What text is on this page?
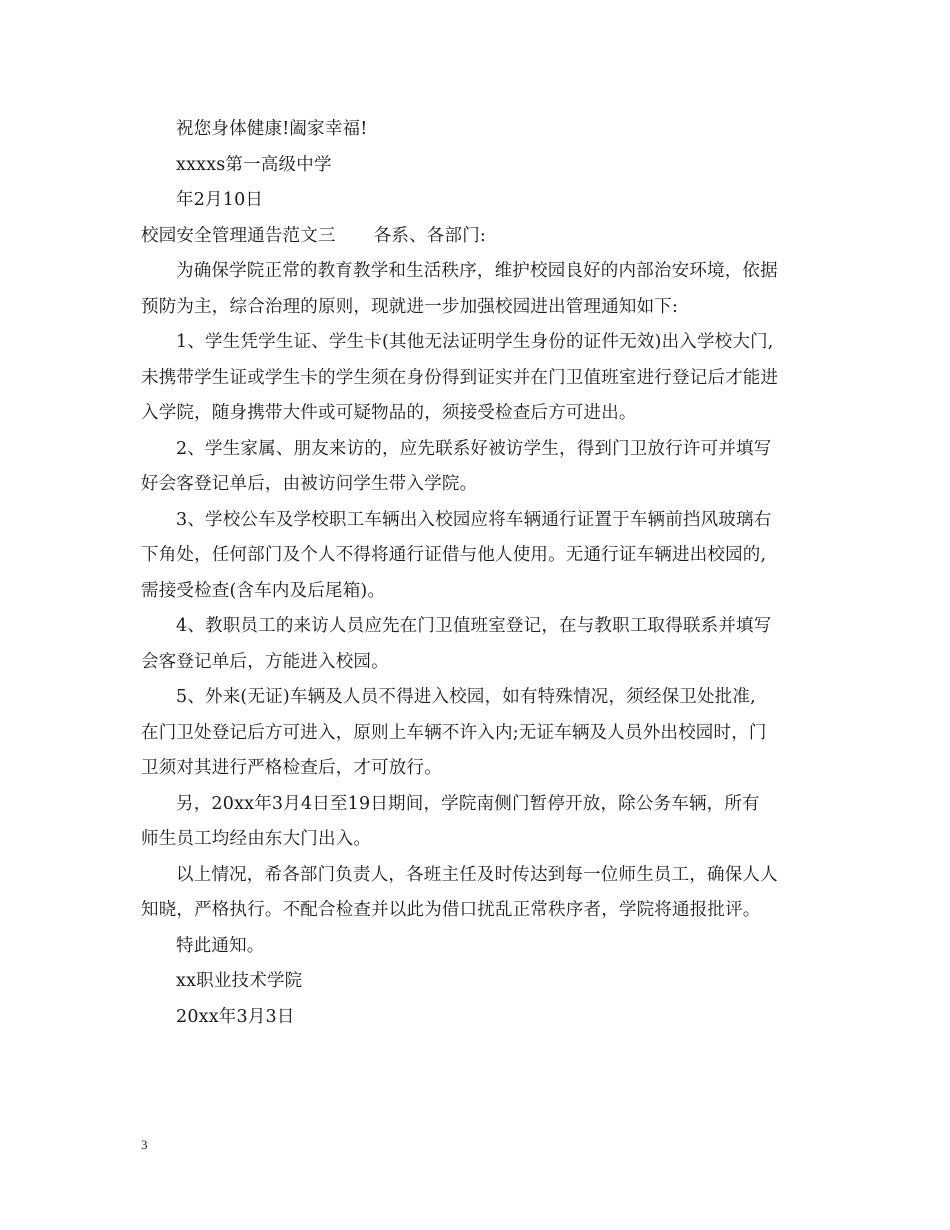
祝您身体健康!阖家幸福!
xxxxs第一高级中学
年2月10日
校园安全管理通告范文三 各系、各部门:
为确保学院正常的教育教学和生活秩序，维护校园良好的内部治安环境，依据
预防为主，综合治理的原则，现就进一步加强校园进出管理通知如下:
1、学生凭学生证、学生卡(其他无法证明学生身份的证件无效)出入学校大门,
未携带学生证或学生卡的学生须在身份得到证实并在门卫值班室进行登记后才能进
入学院，随身携带大件或可疑物品的，须接受检查后方可进出。
2、学生家属、朋友来访的，应先联系好被访学生，得到门卫放行许可并填写
好会客登记单后，由被访问学生带入学院。
3、学校公车及学校职工车辆出入校园应将车辆通行证置于车辆前挡风玻璃右
下角处，任何部门及个人不得将通行证借与他人使用。无通行证车辆进出校园的,
需接受检查(含车内及后尾箱)。
4、教职员工的来访人员应先在门卫值班室登记，在与教职工取得联系并填写
会客登记单后，方能进入校园。
5、外来(无证)车辆及人员不得进入校园，如有特殊情况，须经保卫处批准,
在门卫处登记后方可进入，原则上车辆不许入内;无证车辆及人员外出校园时，门
卫须对其进行严格检查后，才可放行。
另，20xx年3月4日至19日期间，学院南侧门暂停开放，除公务车辆，所有
师生员工均经由东大门出入。
以上情况，希各部门负责人，各班主任及时传达到每一位师生员工，确保人人
知晓，严格执行。不配合检查并以此为借口扰乱正常秩序者，学院将通报批评。
特此通知。
xx职业技术学院
20xx年3月3日
3
